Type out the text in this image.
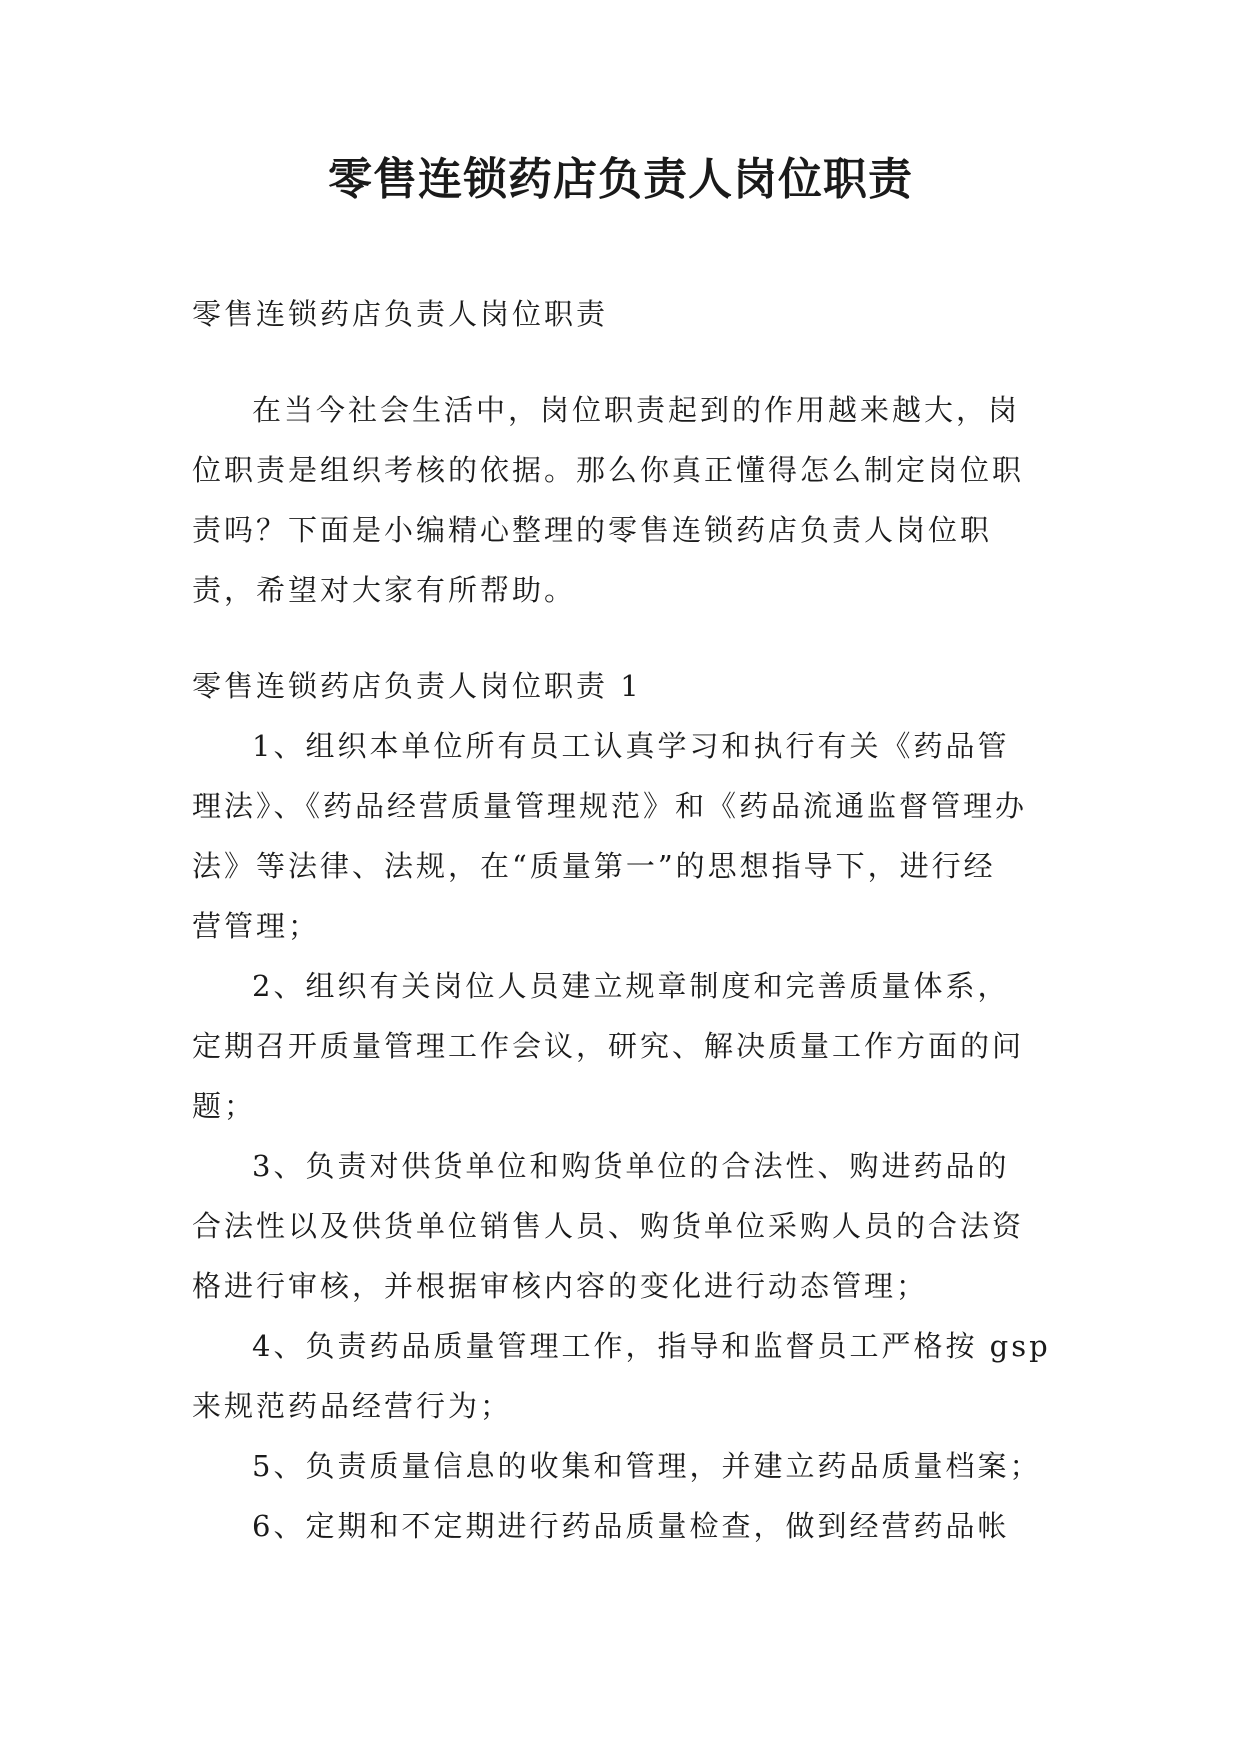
零售连锁药店负责人岗位职责
零售连锁药店负责人岗位职责
在当今社会生活中，岗位职责起到的作用越来越大，岗
位职责是组织考核的依据。那么你真正懂得怎么制定岗位职
责吗？下面是小编精心整理的零售连锁药店负责人岗位职
责，希望对大家有所帮助。
零售连锁药店负责人岗位职责 1
1、组织本单位所有员工认真学习和执行有关《药品管
理法》、《药品经营质量管理规范》和《药品流通监督管理办
法》等法律、法规，在“质量第一”的思想指导下，进行经
营管理；
2、组织有关岗位人员建立规章制度和完善质量体系，
定期召开质量管理工作会议，研究、解决质量工作方面的问
题；
3、负责对供货单位和购货单位的合法性、购进药品的
合法性以及供货单位销售人员、购货单位采购人员的合法资
格进行审核，并根据审核内容的变化进行动态管理；
4、负责药品质量管理工作，指导和监督员工严格按 gsp
来规范药品经营行为；
5、负责质量信息的收集和管理，并建立药品质量档案；
6、定期和不定期进行药品质量检查，做到经营药品帐
